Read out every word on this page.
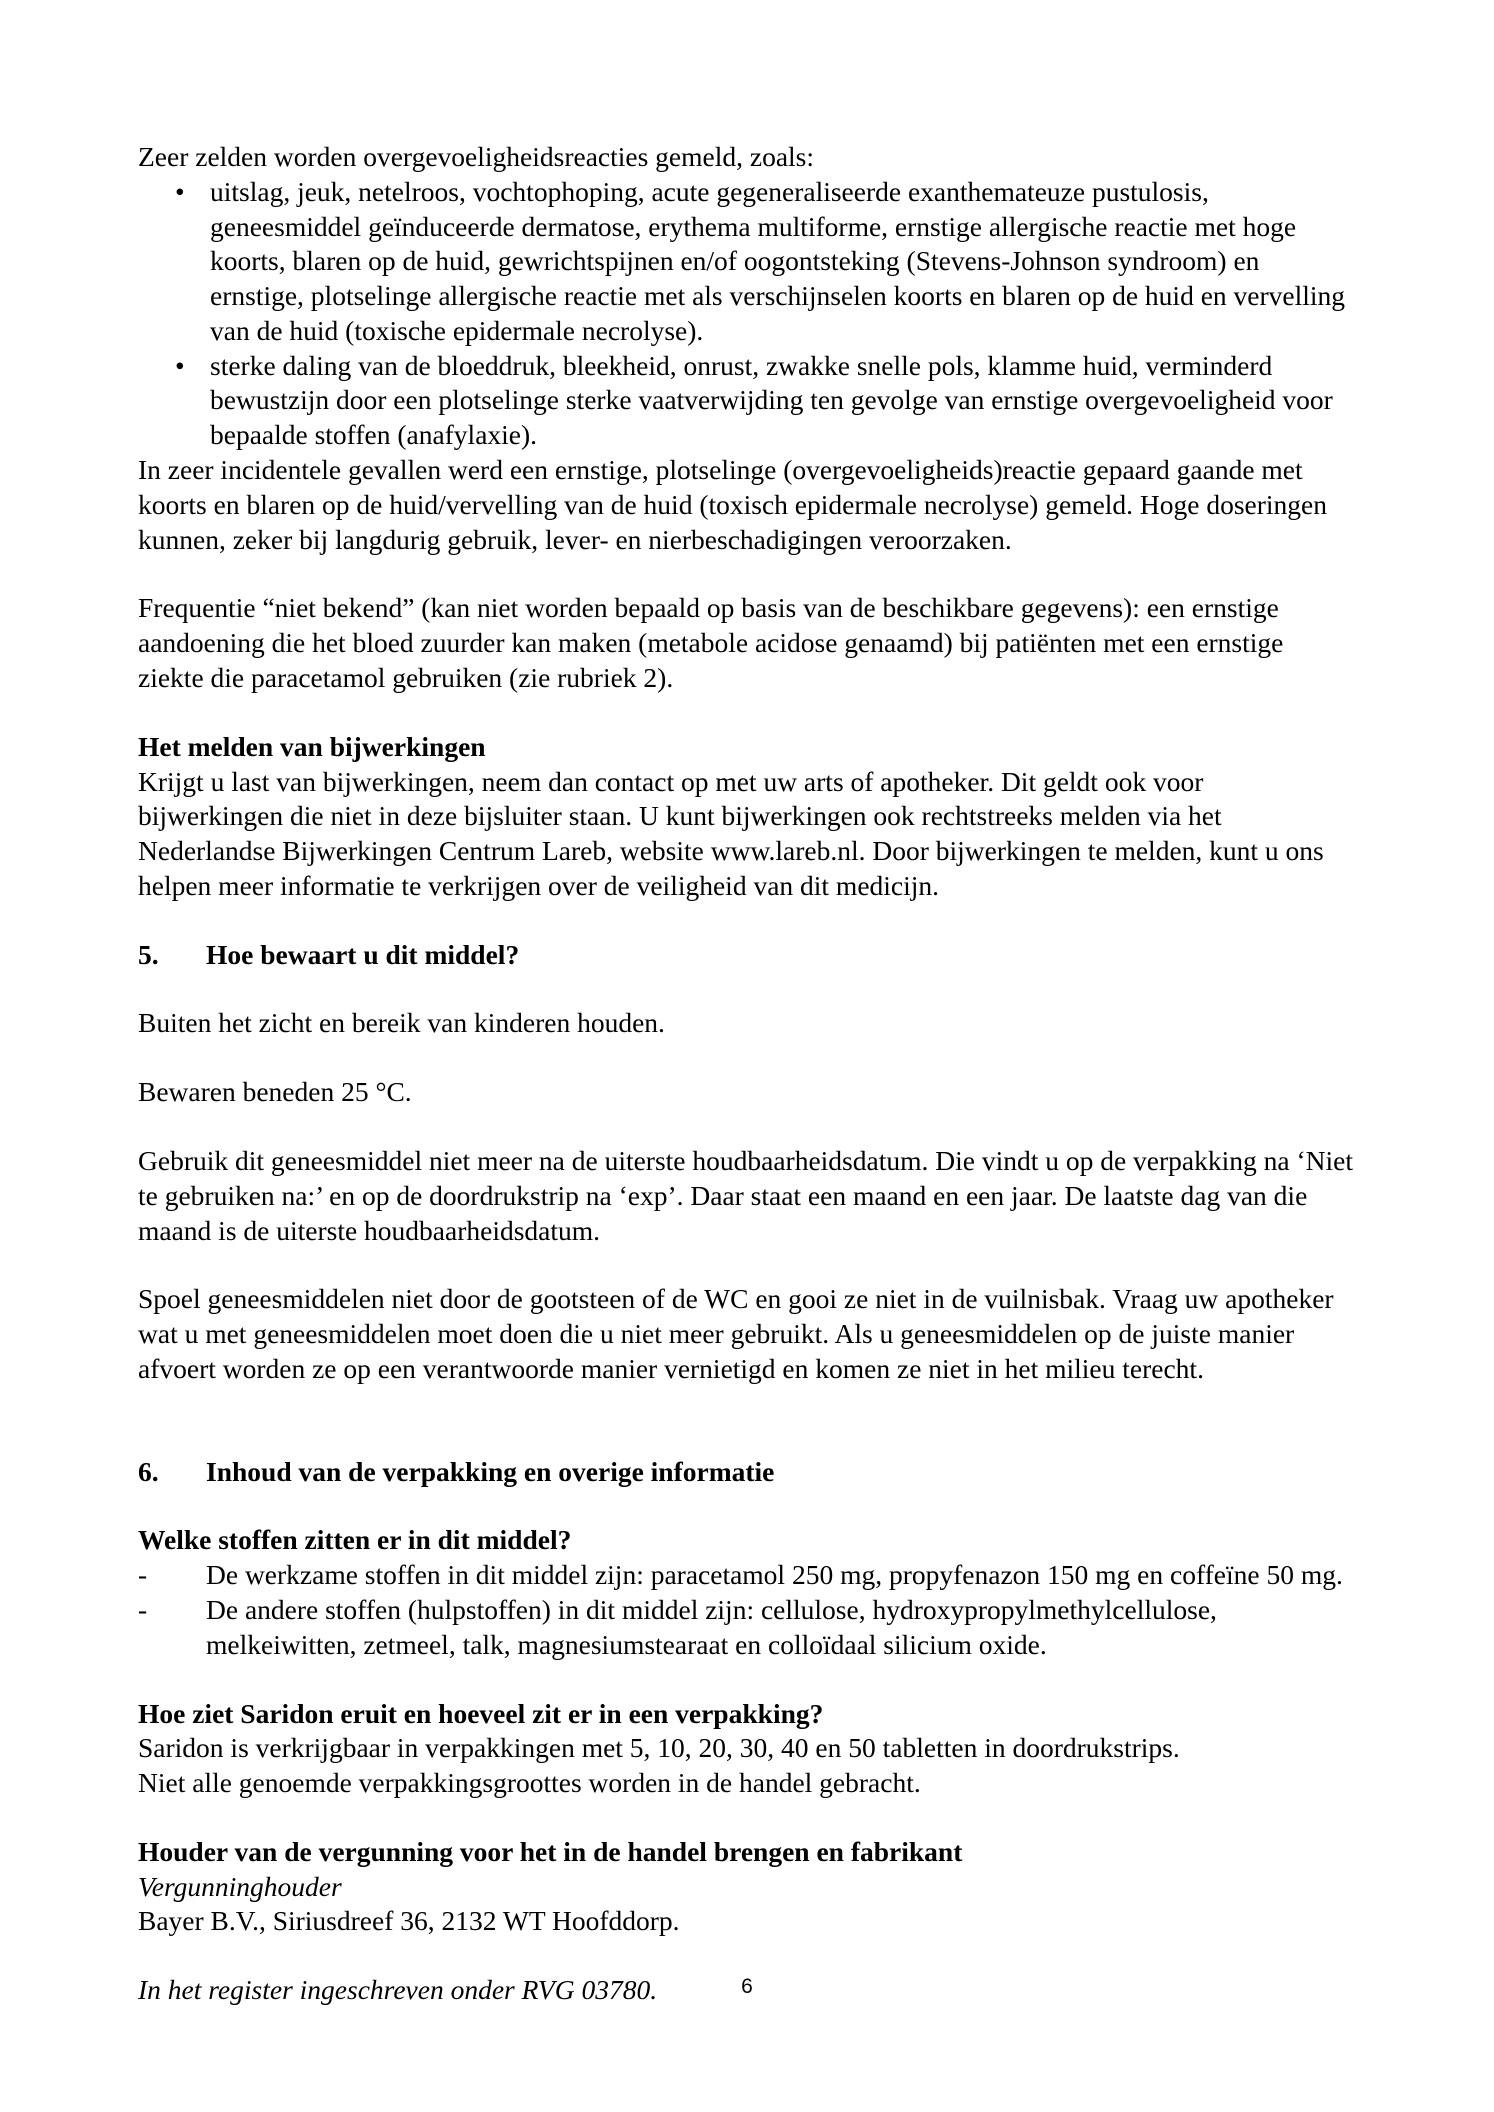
Zeer zelden worden overgevoeligheidsreacties gemeld, zoals:

• uitslag, jeuk, netelroos, vochtophoping, acute gegeneraliseerde exanthemateuze pustulosis, geneesmiddel geïnduceerde dermatose, erythema multiforme, ernstige allergische reactie met hoge koorts, blaren op de huid, gewrichtspijnen en/of oogontsteking (Stevens-Johnson syndroom) en ernstige, plotselinge allergische reactie met als verschijnselen koorts en blaren op de huid en vervelling van de huid (toxische epidermale necrolyse).
• sterke daling van de bloeddruk, bleekheid, onrust, zwakke snelle pols, klamme huid, verminderd bewustzijn door een plotselinge sterke vaatverwijding ten gevolge van ernstige overgevoeligheid voor bepaalde stoffen (anafylaxie).

In zeer incidentele gevallen werd een ernstige, plotselinge (overgevoeligheids)reactie gepaard gaande met koorts en blaren op de huid/vervelling van de huid (toxisch epidermale necrolyse) gemeld. Hoge doseringen kunnen, zeker bij langdurig gebruik, lever- en nierbeschadigingen veroorzaken.

Frequentie “niet bekend” (kan niet worden bepaald op basis van de beschikbare gegevens): een ernstige aandoening die het bloed zuurder kan maken (metabole acidose genaamd) bij patiënten met een ernstige ziekte die paracetamol gebruiken (zie rubriek 2).

Het melden van bijwerkingen

Krijgt u last van bijwerkingen, neem dan contact op met uw arts of apotheker. Dit geldt ook voor bijwerkingen die niet in deze bijsluiter staan. U kunt bijwerkingen ook rechtstreeks melden via het Nederlandse Bijwerkingen Centrum Lareb, website www.lareb.nl. Door bijwerkingen te melden, kunt u ons helpen meer informatie te verkrijgen over de veiligheid van dit medicijn.

5.	Hoe bewaart u dit middel?

Buiten het zicht en bereik van kinderen houden.

Bewaren beneden 25 °C.

Gebruik dit geneesmiddel niet meer na de uiterste houdbaarheidsdatum. Die vindt u op de verpakking na ‘Niet te gebruiken na:’ en op de doordrukstrip na ‘exp’. Daar staat een maand en een jaar. De laatste dag van die maand is de uiterste houdbaarheidsdatum.

Spoel geneesmiddelen niet door de gootsteen of de WC en gooi ze niet in de vuilnisbak. Vraag uw apotheker wat u met geneesmiddelen moet doen die u niet meer gebruikt. Als u geneesmiddelen op de juiste manier afvoert worden ze op een verantwoorde manier vernietigd en komen ze niet in het milieu terecht.

6.	Inhoud van de verpakking en overige informatie
Welke stoffen zitten er in dit middel?
- De werkzame stoffen in dit middel zijn: paracetamol 250 mg, propyfenazon 150 mg en coffeïne 50 mg.
- De andere stoffen (hulpstoffen) in dit middel zijn: cellulose, hydroxypropylmethylcellulose, melkeiwitten, zetmeel, talk, magnesiumstearaat en colloïdaal silicium oxide.
Hoe ziet Saridon eruit en hoeveel zit er in een verpakking?

Saridon is verkrijgbaar in verpakkingen met 5, 10, 20, 30, 40 en 50 tabletten in doordrukstrips.

Niet alle genoemde verpakkingsgroottes worden in de handel gebracht.

Houder van de vergunning voor het in de handel brengen en fabrikant

Vergunninghouder

Bayer B.V., Siriusdreef 36, 2132 WT Hoofddorp.

In het register ingeschreven onder RVG 03780.	6
